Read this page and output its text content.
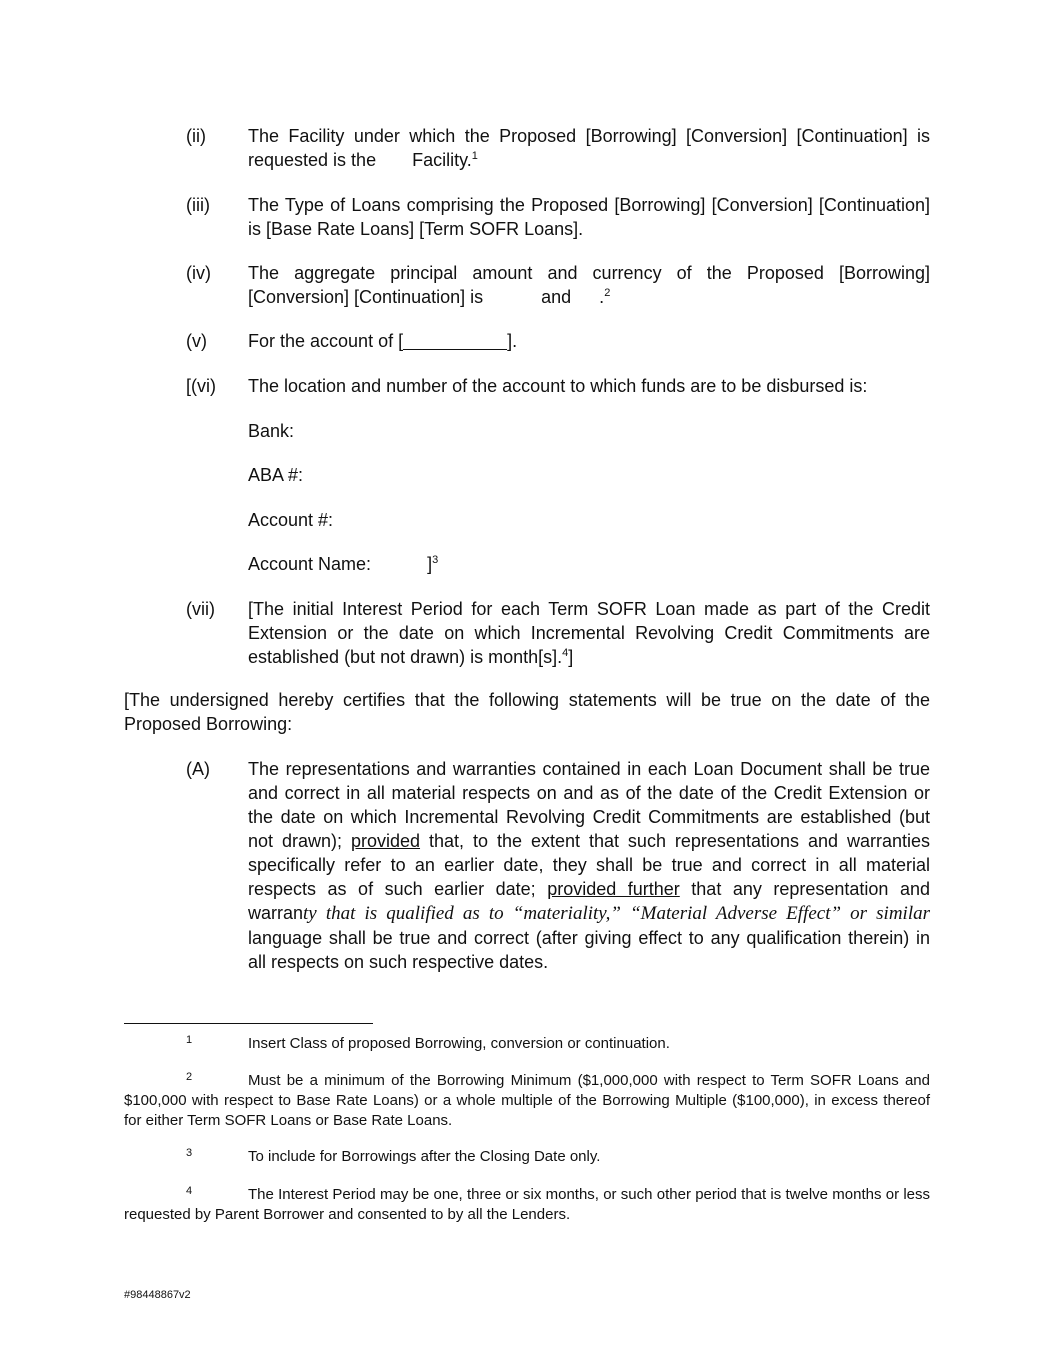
(ii) The Facility under which the Proposed [Borrowing] [Conversion] [Continuation] is requested is the Facility.$^1$
(iii) The Type of Loans comprising the Proposed [Borrowing] [Conversion] [Continuation] is [Base Rate Loans] [Term SOFR Loans].
(iv) The aggregate principal amount and currency of the Proposed [Borrowing] [Conversion] [Continuation] is	and .$^2$
(v) For the account of [	].
[(vi) The location and number of the account to which funds are to be disbursed is:
Bank:
ABA #:
Account #:
Account Name:	]$^3$
(vii) [The initial Interest Period for each Term SOFR Loan made as part of the Credit Extension or the date on which Incremental Revolving Credit Commitments are established (but not drawn) is month[s].$^4$]
[The undersigned hereby certifies that the following statements will be true on the date of the Proposed Borrowing:
(A) The representations and warranties contained in each Loan Document shall be true and correct in all material respects on and as of the date of the Credit Extension or the date on which Incremental Revolving Credit Commitments are established (but not drawn); provided that, to the extent that such representations and warranties specifically refer to an earlier date, they shall be true and correct in all material respects as of such earlier date; provided further that any representation and warranty that is qualified as to “materiality,” “Material Adverse Effect” or similar language shall be true and correct (after giving effect to any qualification therein) in all respects on such respective dates.
1	Insert Class of proposed Borrowing, conversion or continuation.
2	Must be a minimum of the Borrowing Minimum ($1,000,000 with respect to Term SOFR Loans and $100,000 with respect to Base Rate Loans) or a whole multiple of the Borrowing Multiple ($100,000), in excess thereof for either Term SOFR Loans or Base Rate Loans.
3	To include for Borrowings after the Closing Date only.
4	The Interest Period may be one, three or six months, or such other period that is twelve months or less requested by Parent Borrower and consented to by all the Lenders.
#98448867v2
